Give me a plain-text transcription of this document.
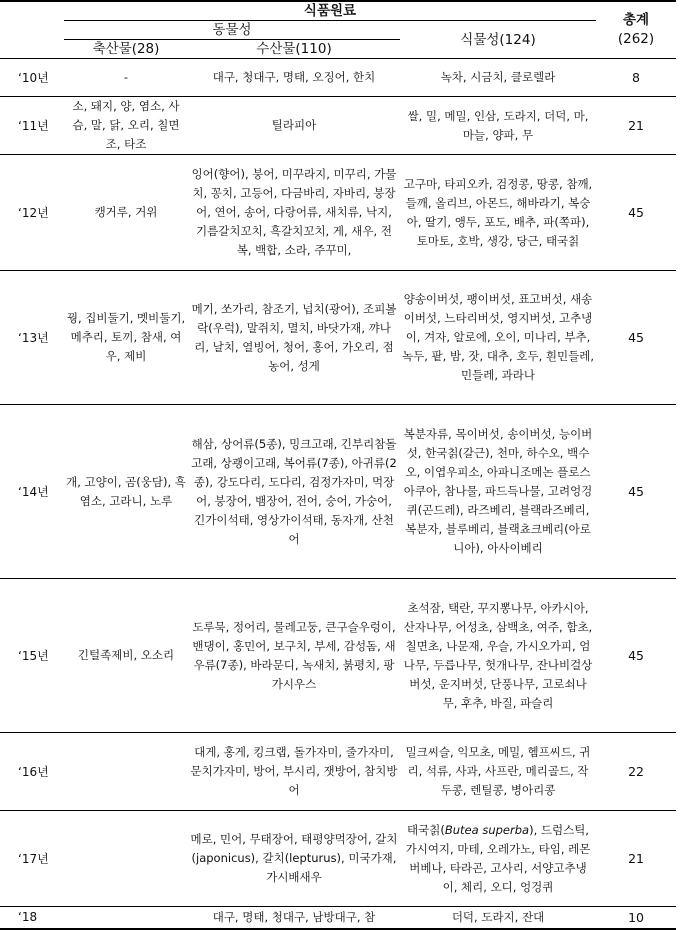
	식품원료			총계
(262)

	동물성		식물성(124)	
	축산물(28)	수산물(110)		
‘10년	-	대구, 청대구, 명태, 오징어, 한치	녹차, 시금치, 클로렐라	8
‘11년	소, 돼지, 양, 염소, 사슴, 말, 닭, 오리, 칠면조, 타조	틸라피아	쌀, 밀, 메밀, 인삼, 도라지, 더덕, 마, 마늘, 양파, 무	21
‘12년	캥거루, 거위	잉어(향어), 붕어, 미꾸라지, 미꾸리, 가물치, 꽁치, 고등어, 다금바리, 자바리, 붕장어, 연어, 송어, 다랑어류, 새치류, 낙지, 기름갈치꼬치, 흑갈치꼬치, 게, 새우, 전복, 백합, 소라, 주꾸미,	고구마, 타피오카, 검정콩, 땅콩, 참깨, 들깨, 올리브, 아몬드, 해바라기, 복숭아, 딸기, 앵두, 포도, 배추, 파(쪽파), 토마토, 호박, 생강, 당근, 태국칡	45
‘13년	꿩, 집비둘기, 멧비둘기, 메추리, 토끼, 참새, 여우, 제비	메기, 쏘가리, 참조기, 넙치(광어), 조피볼락(우럭), 말쥐치, 멸치, 바닷가재, 꺄나리, 날치, 열빙어, 청어, 홍어, 가오리, 점농어, 성게	양송이버섯, 팽이버섯, 표고버섯, 새송이버섯, 느타리버섯, 영지버섯, 고추냉이, 겨자, 알로에, 오이, 미나리, 부추, 녹두, 팥, 밤, 잣, 대추, 호두, 흰민들레, 민들레, 과라나	45
‘14년	개, 고양이, 곰(웅담), 흑염소, 고라니, 노루	해삼, 상어류(5종), 밍크고래, 긴부리참돌고래, 상괭이고래, 복어류(7종), 아귀류(2종), 강도다리, 도다리, 검정가자미, 먹장어, 붕장어, 뱀장어, 전어, 숭어, 가숭어, 긴가이석태, 영상가이석태, 동자개, 산천어	복분자류, 목이버섯, 송이버섯, 능이버섯, 한국칡(갈근), 천마, 하수오, 백수오, 이엽우피소, 아파니조메논 플로스아쿠아, 참나물, 파드득나물, 고려엉겅퀴(곤드레), 라즈베리, 블랙라즈베리, 복분자, 블루베리, 블랙쵸크베리(아로니아), 아사이베리	45
‘15년	긴털족제비, 오소리	도루묵, 정어리, 물레고둥, 큰구슬우렁이, 밴댕이, 홍민어, 보구치, 부세, 감성돔, 새우류(7종), 바라문디, 녹새치, 붉평치, 팡가시우스	초석잠, 택란, 꾸지뽕나무, 아카시아, 산자나무, 어성초, 삼백초, 여주, 함초, 칠면초, 나문재, 우슬, 가시오가피, 엄나무, 두릅나무, 헛개나무, 잔나비걸상버섯, 운지버섯, 단풍나무, 고로쇠나무, 후추, 바질, 파슬리	45
‘16년		대게, 홍게, 킹크랩, 돌가자미, 줄가자미, 문치가자미, 방어, 부시리, 잿방어, 참치방어	밀크씨슬, 익모초, 메밀, 헴프씨드, 귀리, 석류, 사과, 사프란, 메리골드, 작두콩, 렌틸콩, 병아리콩	22
‘17년		메로, 민어, 무태장어, 태평양먹장어, 갈치(japonicus), 갈치(lepturus), 미국가재, 가시배새우	태국칡(Butea superba), 드럼스틱, 가시여지, 마테, 오레가노, 타임, 레몬버베나, 타라곤, 고사리, 서양고추냉이, 체리, 오디, 엉겅퀴	21
‘18		대구, 명태, 청대구, 남방대구, 참	더덕, 도라지, 잔대	10
